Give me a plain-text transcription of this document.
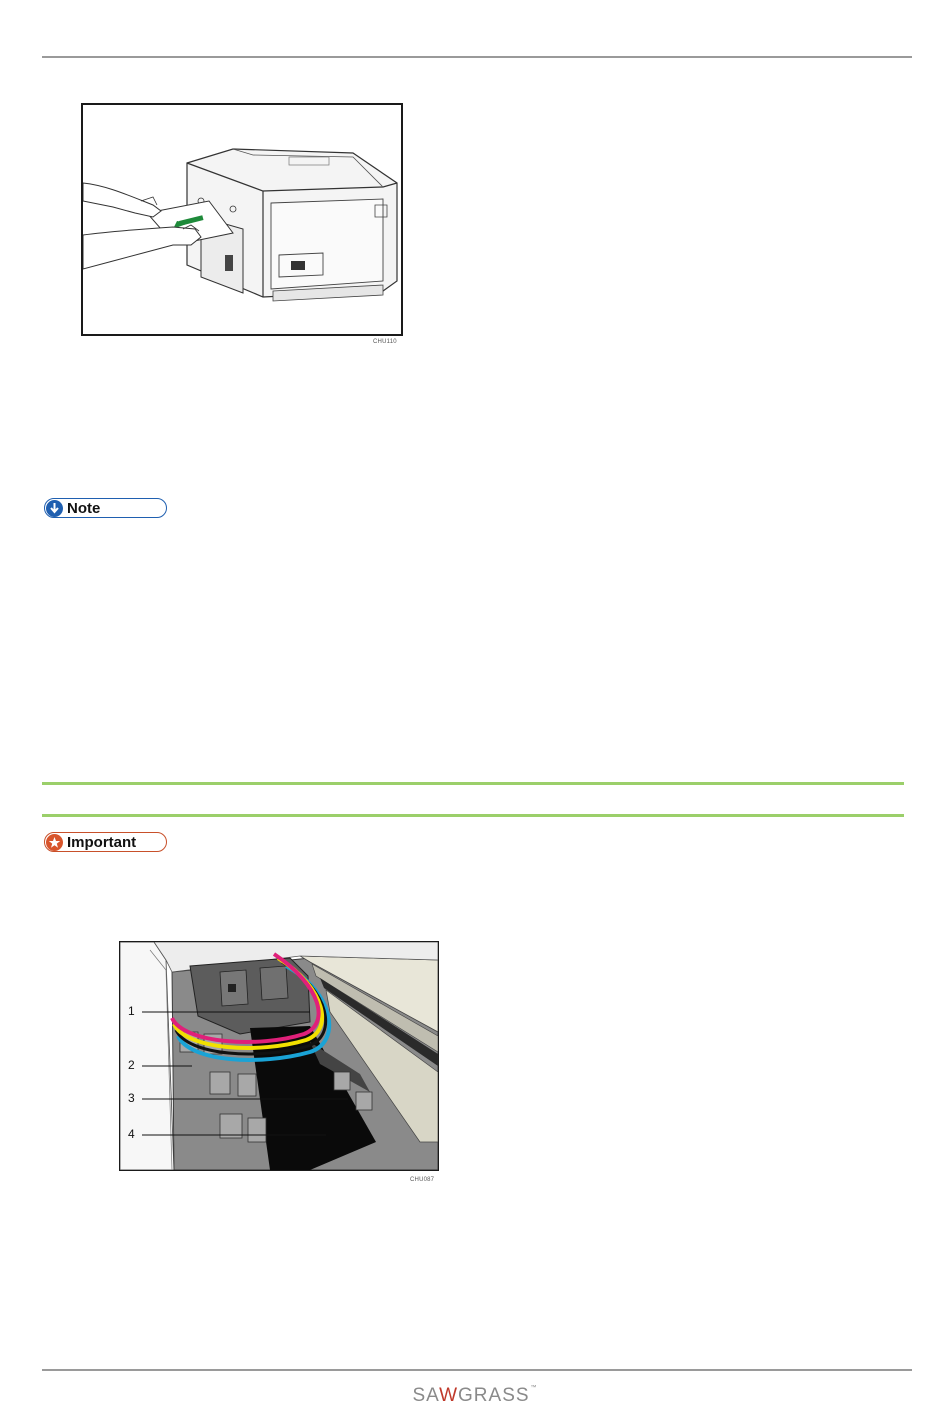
CHU110
Note
Important
1
2
3
4
CHU087
SAWGRASS™
